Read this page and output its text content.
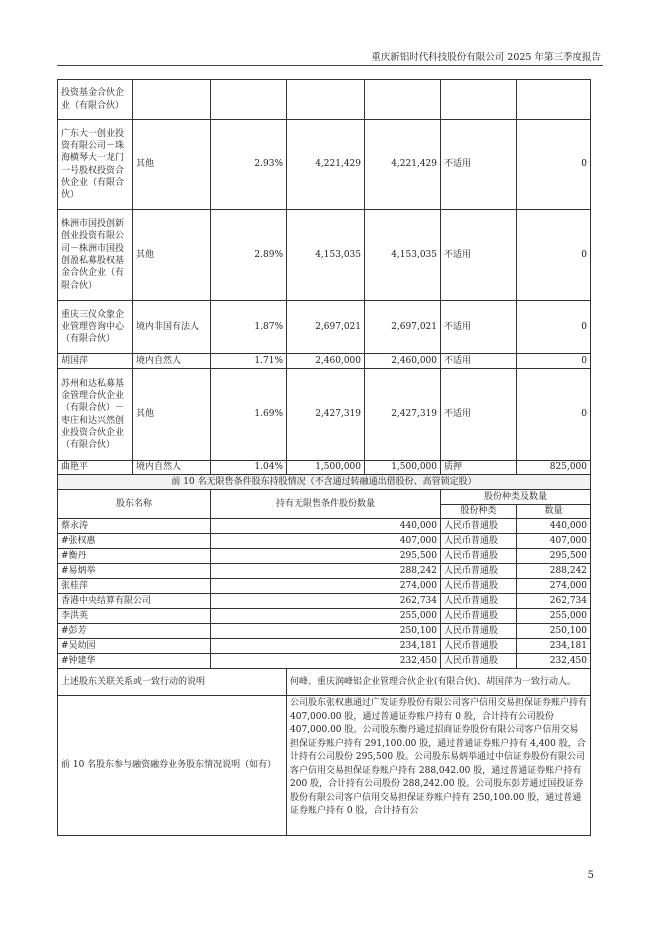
重庆新铝时代科技股份有限公司 2025 年第三季度报告
投资基金合伙企业（有限合伙）						
广东大一创业投资有限公司－珠海横琴大一龙门一号股权投资合伙企业（有限合伙）	其他	2.93%	4,221,429	4,221,429	不适用	0
株洲市国投创新创业投资有限公司－株洲市国投创盈私募股权基金合伙企业（有限合伙）	其他	2.89%	4,153,035	4,153,035	不适用	0
重庆三仪众象企业管理咨询中心（有限合伙）	境内非国有法人	1.87%	2,697,021	2,697,021	不适用	0
胡国萍	境内自然人	1.71%	2,460,000	2,460,000	不适用	0
苏州和达私募基金管理合伙企业（有限合伙）－枣庄和达兴然创业投资合伙企业（有限合伙）	其他	1.69%	2,427,319	2,427,319	不适用	0
曲艳平	境内自然人	1.04%	1,500,000	1,500,000	质押	825,000
前 10 名无限售条件股东持股情况（不含通过转融通出借股份、高管锁定股）						
股东名称		持有无限售条件股份数量			股份种类及数量	
					股份种类	数量
蔡永涛		440,000			人民币普通股	440,000
#张权惠		407,000			人民币普通股	407,000
#衡丹		295,500			人民币普通股	295,500
#易炳举		288,242			人民币普通股	288,242
张桂萍		274,000			人民币普通股	274,000
香港中央结算有限公司		262,734			人民币普通股	262,734
李洪英		255,000			人民币普通股	255,000
#彭芳		250,100			人民币普通股	250,100
#吴幼园		234,181			人民币普通股	234,181
#钟建华		232,450			人民币普通股	232,450
上述股东关联关系或一致行动的说明			何峰、重庆润峰铝企业管理合伙企业(有限合伙)、胡国萍为一致行动人。			
前 10 名股东参与融资融券业务股东情况说明（如有）			公司股东张权惠通过广发证券股份有限公司客户信用交易担保证券账户持有 407,000.00 股，通过普通证券账户持有 0 股，合计持有公司股份 407,000.00 股。公司股东衡丹通过招商证券股份有限公司客户信用交易担保证券账户持有 291,100.00 股，通过普通证券账户持有 4,400 股，合计持有公司股份 295,500 股。公司股东易炳举通过中信证券股份有限公司客户信用交易担保证券账户持有 288,042.00 股，通过普通证券账户持有 200 股，合计持有公司股份 288,242.00 股。公司股东彭芳通过国投证券股份有限公司客户信用交易担保证券账户持有 250,100.00 股，通过普通证券账户持有 0 股，合计持有公			
5
